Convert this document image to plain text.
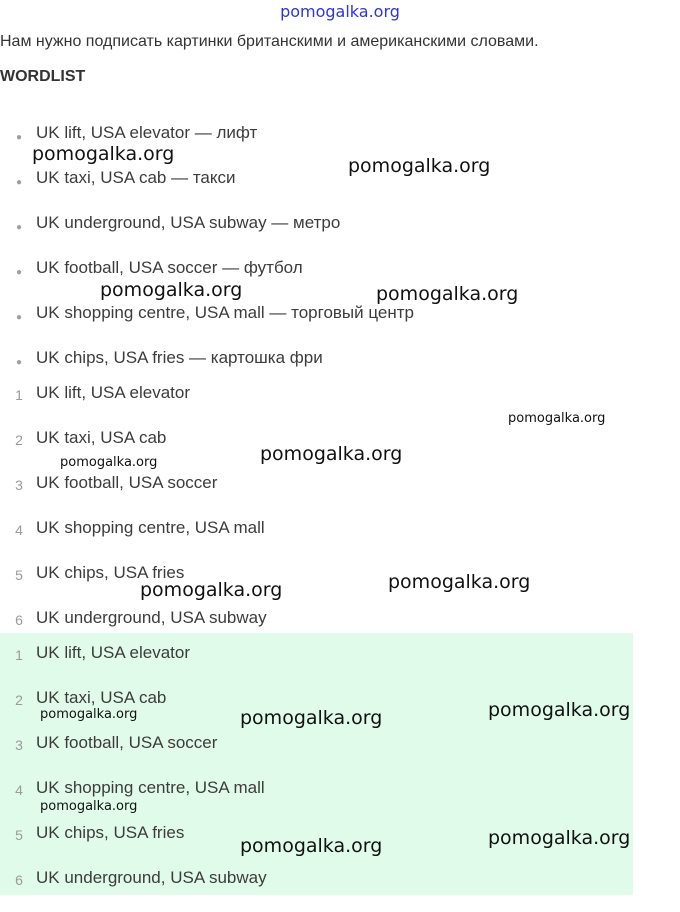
pomogalka.org
Нам нужно подписать картинки британскими и американскими словами.
WORDLIST
● UK lift, USA elevator — лифт
● UK taxi, USA cab — такси
● UK underground, USA subway — метро
● UK football, USA soccer — футбол
● UK shopping centre, USA mall — торговый центр
● UK chips, USA fries — картошка фри
1 UK lift, USA elevator
2 UK taxi, USA cab
3 UK football, USA soccer
4 UK shopping centre, USA mall
5 UK chips, USA fries
6 UK underground, USA subway
1 UK lift, USA elevator
2 UK taxi, USA cab
3 UK football, USA soccer
4 UK shopping centre, USA mall
5 UK chips, USA fries
6 UK underground, USA subway
pomogalka.org
pomogalka.org
pomogalka.org	pomogalka.org
pomogalka.org
pomogalka.org
pomogalka.org
pomogalka.org
pomogalka.org
pomogalka.org
pomogalka.org	pomogalka.org
pomogalka.org
pomogalka.org
pomogalka.org
